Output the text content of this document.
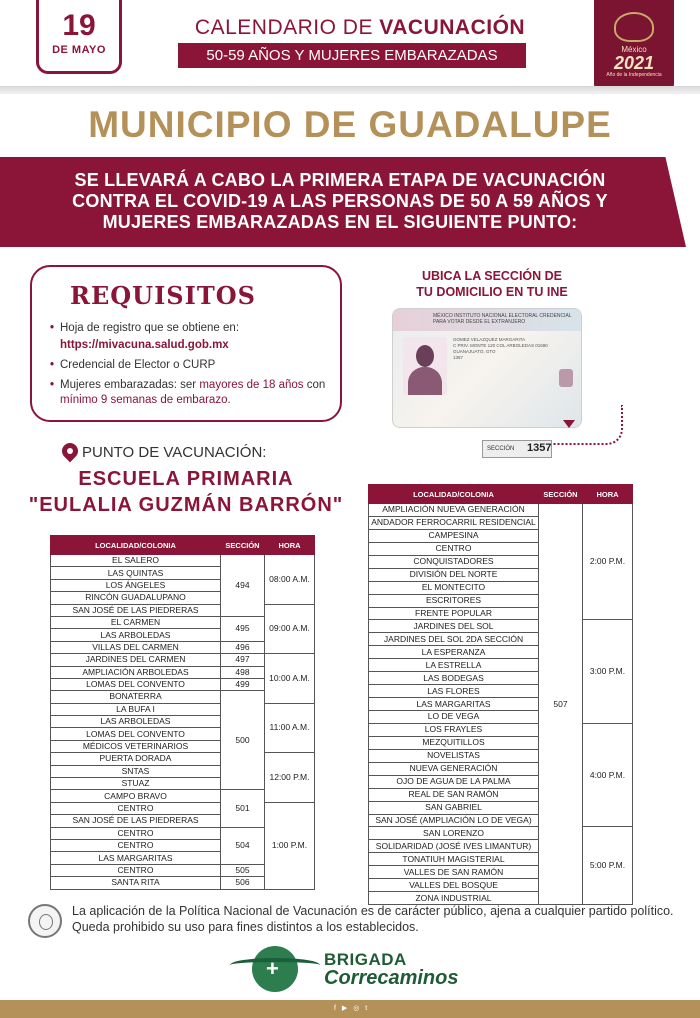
19
DE MAYO
CALENDARIO DE VACUNACIÓN
50-59 AÑOS Y MUJERES EMBARAZADAS	México
2021
Año de la Independencia
MUNICIPIO DE GUADALUPE
SE LLEVARÁ A CABO LA PRIMERA ETAPA DE VACUNACIÓN
CONTRA EL COVID-19 A LAS PERSONAS DE 50 A 59 AÑOS Y
MUJERES EMBARAZADAS EN EL SIGUIENTE PUNTO:
REQUISITOS
• Hoja de registro que se obtiene en:
https://mivacuna.salud.gob.mx
• Credencial de Elector o CURP
• Mujeres embarazadas: ser mayores de 18 años con mínimo 9 semanas de embarazo.
UBICA LA SECCIÓN DE
TU DOMICILIO EN TU INE
MÉXICO INSTITUTO NACIONAL ELECTORAL CREDENCIAL PARA VOTAR DESDE EL EXTRANJERO
GOMEZ VELAZQUEZ MARGARITA
C PRIV. MONTE 120 COL ARBOLEDAS 01690 GUANAJUATO, GTO
1357
SECCIÓN 1357
PUNTO DE VACUNACIÓN:
ESCUELA PRIMARIA
"EULALIA GUZMÁN BARRÓN"
LOCALIDAD/COLONIA	SECCIÓN	HORA
EL SALERO	494	08:00 A.M.
LAS QUINTAS		
LOS ÁNGELES		
RINCÓN GUADALUPANO		
SAN JOSÉ DE LAS PIEDRERAS		09:00 A.M.
EL CARMEN	495	
LAS ARBOLEDAS		
VILLAS DEL CARMEN	496	
JARDINES DEL CARMEN	497	10:00 A.M.
AMPLIACIÓN ARBOLEDAS	498	
LOMAS DEL CONVENTO	499	
BONATERRA	500	
LA BUFA I		11:00 A.M.
LAS ARBOLEDAS		
LOMAS DEL CONVENTO		
MÉDICOS VETERINARIOS		
PUERTA DORADA		12:00 P.M.
SNTAS		
STUAZ		
CAMPO BRAVO	501	
CENTRO		1:00 P.M.
SAN JOSÉ DE LAS PIEDRERAS		
CENTRO	504	
CENTRO		
LAS MARGARITAS		
CENTRO	505	
SANTA RITA	506	
LOCALIDAD/COLONIA	SECCIÓN	HORA
AMPLIACIÓN NUEVA GENERACIÓN	507	2:00 P.M.
ANDADOR FERROCARRIL RESIDENCIAL		
CAMPESINA		
CENTRO		
CONQUISTADORES		
DIVISIÓN DEL NORTE		
EL MONTECITO		
ESCRITORES		
FRENTE POPULAR		
JARDINES DEL SOL		3:00 P.M.
JARDINES DEL SOL 2DA SECCIÓN		
LA ESPERANZA		
LA ESTRELLA		
LAS BODEGAS		
LAS FLORES		
LAS MARGARITAS		
LO DE VEGA		
LOS FRAYLES		4:00 P.M.
MEZQUITILLOS		
NOVELISTAS		
NUEVA GENERACIÓN		
OJO DE AGUA DE LA PALMA		
REAL DE SAN RAMÓN		
SAN GABRIEL		
SAN JOSÉ (AMPLIACIÓN LO DE VEGA)		
SAN LORENZO		5:00 P.M.
SOLIDARIDAD (JOSÉ IVES LIMANTUR)		
TONATIUH MAGISTERIAL		
VALLES DE SAN RAMÓN		
VALLES DEL BOSQUE		
ZONA INDUSTRIAL		
La aplicación de la Política Nacional de Vacunación es de carácter público, ajena a cualquier partido político. Queda prohibido su uso para fines distintos a los establecidos.
+	BRIGADA
Correcaminos
f ▶ ◎ t
